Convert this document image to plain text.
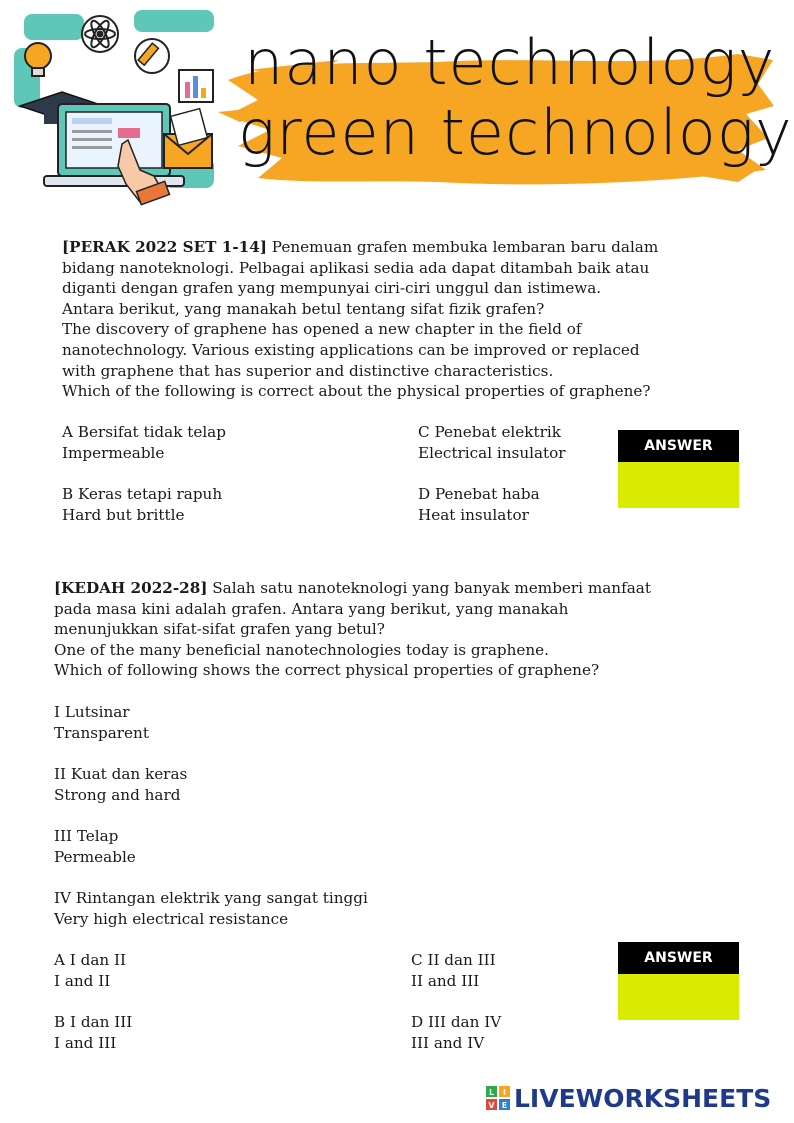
nano technology
green technology
[PERAK 2022 SET 1-14] Penemuan grafen membuka lembaran baru dalam
bidang nanoteknologi. Pelbagai aplikasi sedia ada dapat ditambah baik atau
diganti dengan grafen yang mempunyai ciri-ciri unggul dan istimewa.
Antara berikut, yang manakah betul tentang sifat fizik grafen?
The discovery of graphene has opened a new chapter in the field of
nanotechnology. Various existing applications can be improved or replaced
with graphene that has superior and distinctive characteristics.
Which of the following is correct about the physical properties of graphene?
A Bersifat tidak telap
Impermeable
C Penebat elektrik
Electrical insulator
B Keras tetapi rapuh
Hard but brittle
D Penebat haba
Heat insulator
ANSWER
[KEDAH 2022-28] Salah satu nanoteknologi yang banyak memberi manfaat
pada masa kini adalah grafen. Antara yang berikut, yang manakah
menunjukkan sifat-sifat grafen yang betul?
One of the many beneficial nanotechnologies today is graphene.
Which of following shows the correct physical properties of graphene?
I Lutsinar
Transparent
II Kuat dan keras
Strong and hard
III Telap
Permeable
IV Rintangan elektrik yang sangat tinggi
Very high electrical resistance
A I dan II
I and II
C II dan III
II and III
B I dan III
I and III
D III dan IV
III and IV
ANSWER
L I
V E LIVEWORKSHEETS
